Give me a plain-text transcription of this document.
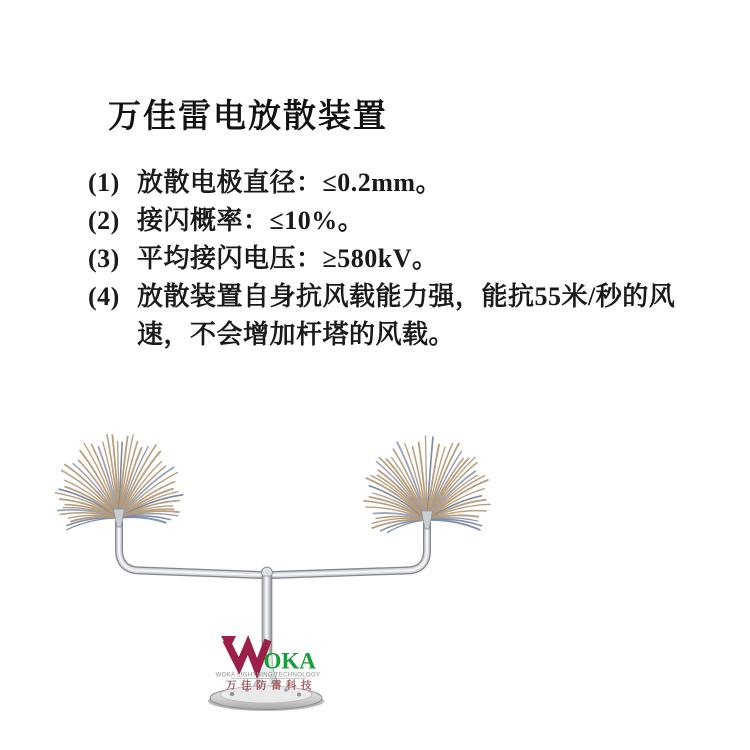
万佳雷电放散装置
(1) 放散电极直径：≤0.2mm。
(2) 接闪概率：≤10%。
(3) 平均接闪电压：≥580kV。
(4) 放散装置自身抗风载能力强，能抗55米/秒的风
速，不会增加杆塔的风载。
OKA
WOKA LIGHTNING TECHNOLOGY
万佳防雷科技
